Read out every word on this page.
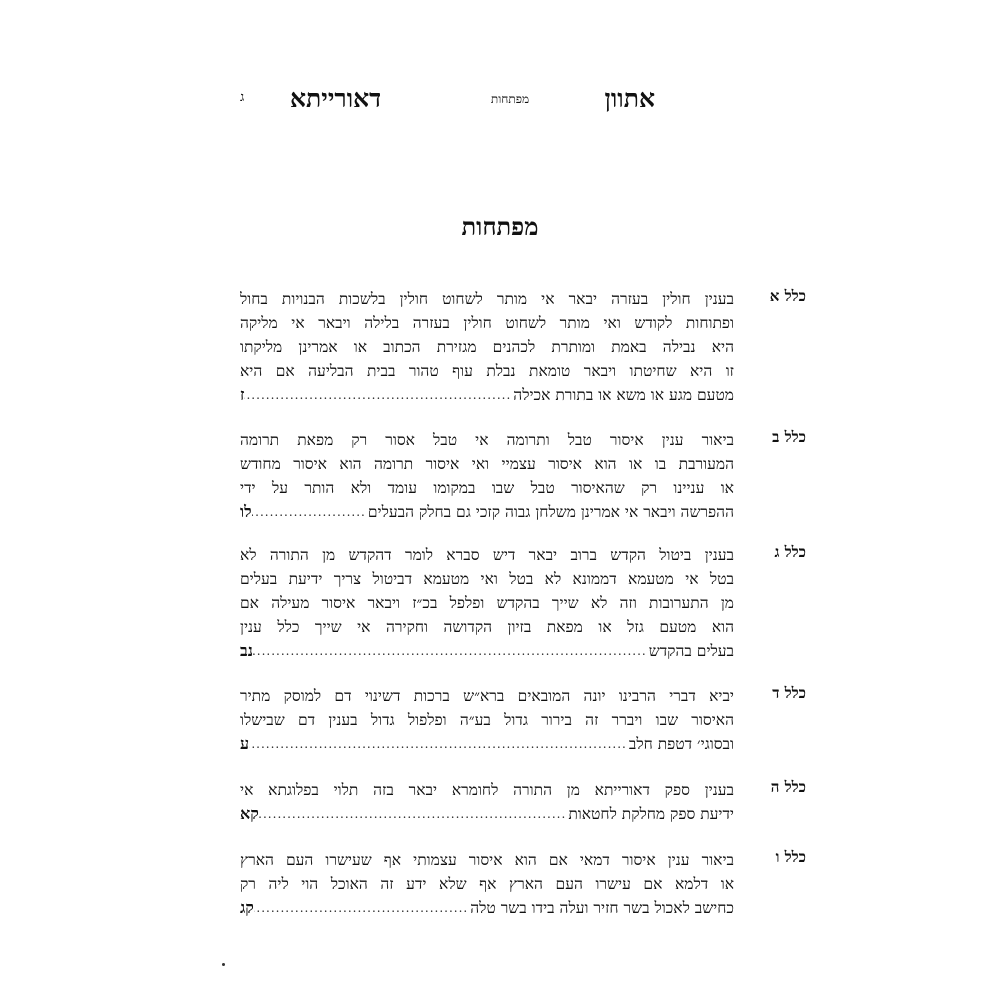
אתוון
מפתחות
דאורייתא
ג
מפתחות
כלל א
בענין חולין בעזרה יבאר אי מותר לשחוט חולין בלשכות הבנויות בחול
ופתוחות לקודש ואי מותר לשחוט חולין בעזרה בלילה ויבאר אי מליקה
היא נבילה באמת ומותרת לכהנים מגזירת הכתוב או אמרינן מליקתו
זו היא שחיטתו ויבאר טומאת נבלת עוף טהור בבית הבליעה אם היא
מטעם מגע או משא או בתורת אכילה
.....
ז
כלל ב
ביאור ענין איסור טבל ותרומה אי טבל אסור רק מפאת תרומה
המעורבת בו או הוא איסור עצמיי ואי איסור תרומה הוא איסור מחודש
או עניינו רק שהאיסור טבל שבו במקומו עומד ולא הותר על ידי
ההפרשה ויבאר אי אמרינן משלחן גבוה קזכי גם בחלק הבעלים
.....
לו
כלל ג
בענין ביטול הקדש ברוב יבאר דיש סברא לומר דהקדש מן התורה לא
בטל אי מטעמא דממונא לא בטל ואי מטעמא דביטול צריך ידיעת בעלים
מן התערובות וזה לא שייך בהקדש ופלפל בכ״ז ויבאר איסור מעילה אם
הוא מטעם גזל או מפאת בזיון הקדושה וחקירה אי שייך כלל ענין
בעלים בהקדש
.....
נב
כלל ד
יביא דברי הרבינו יונה המובאים ברא״ש ברכות דשינוי דם למוסק מתיר
האיסור שבו ויברר זה בירור גדול בע״ה ופלפול גדול בענין דם שבישלו
ובסוגי׳ דטפת חלב
.....
ע
כלל ה
בענין ספק דאורייתא מן התורה לחומרא יבאר בזה תלוי בפלוגתא אי
ידיעת ספק מחלקת לחטאות
.....
קא
כלל ו
ביאור ענין איסור דמאי אם הוא איסור עצמותי אף שעישרו העם הארץ
או דלמא אם עישרו העם הארץ אף שלא ידע זה האוכל הוי ליה רק
כחישב לאכול בשר חזיר ועלה בידו בשר טלה
.....
קג
